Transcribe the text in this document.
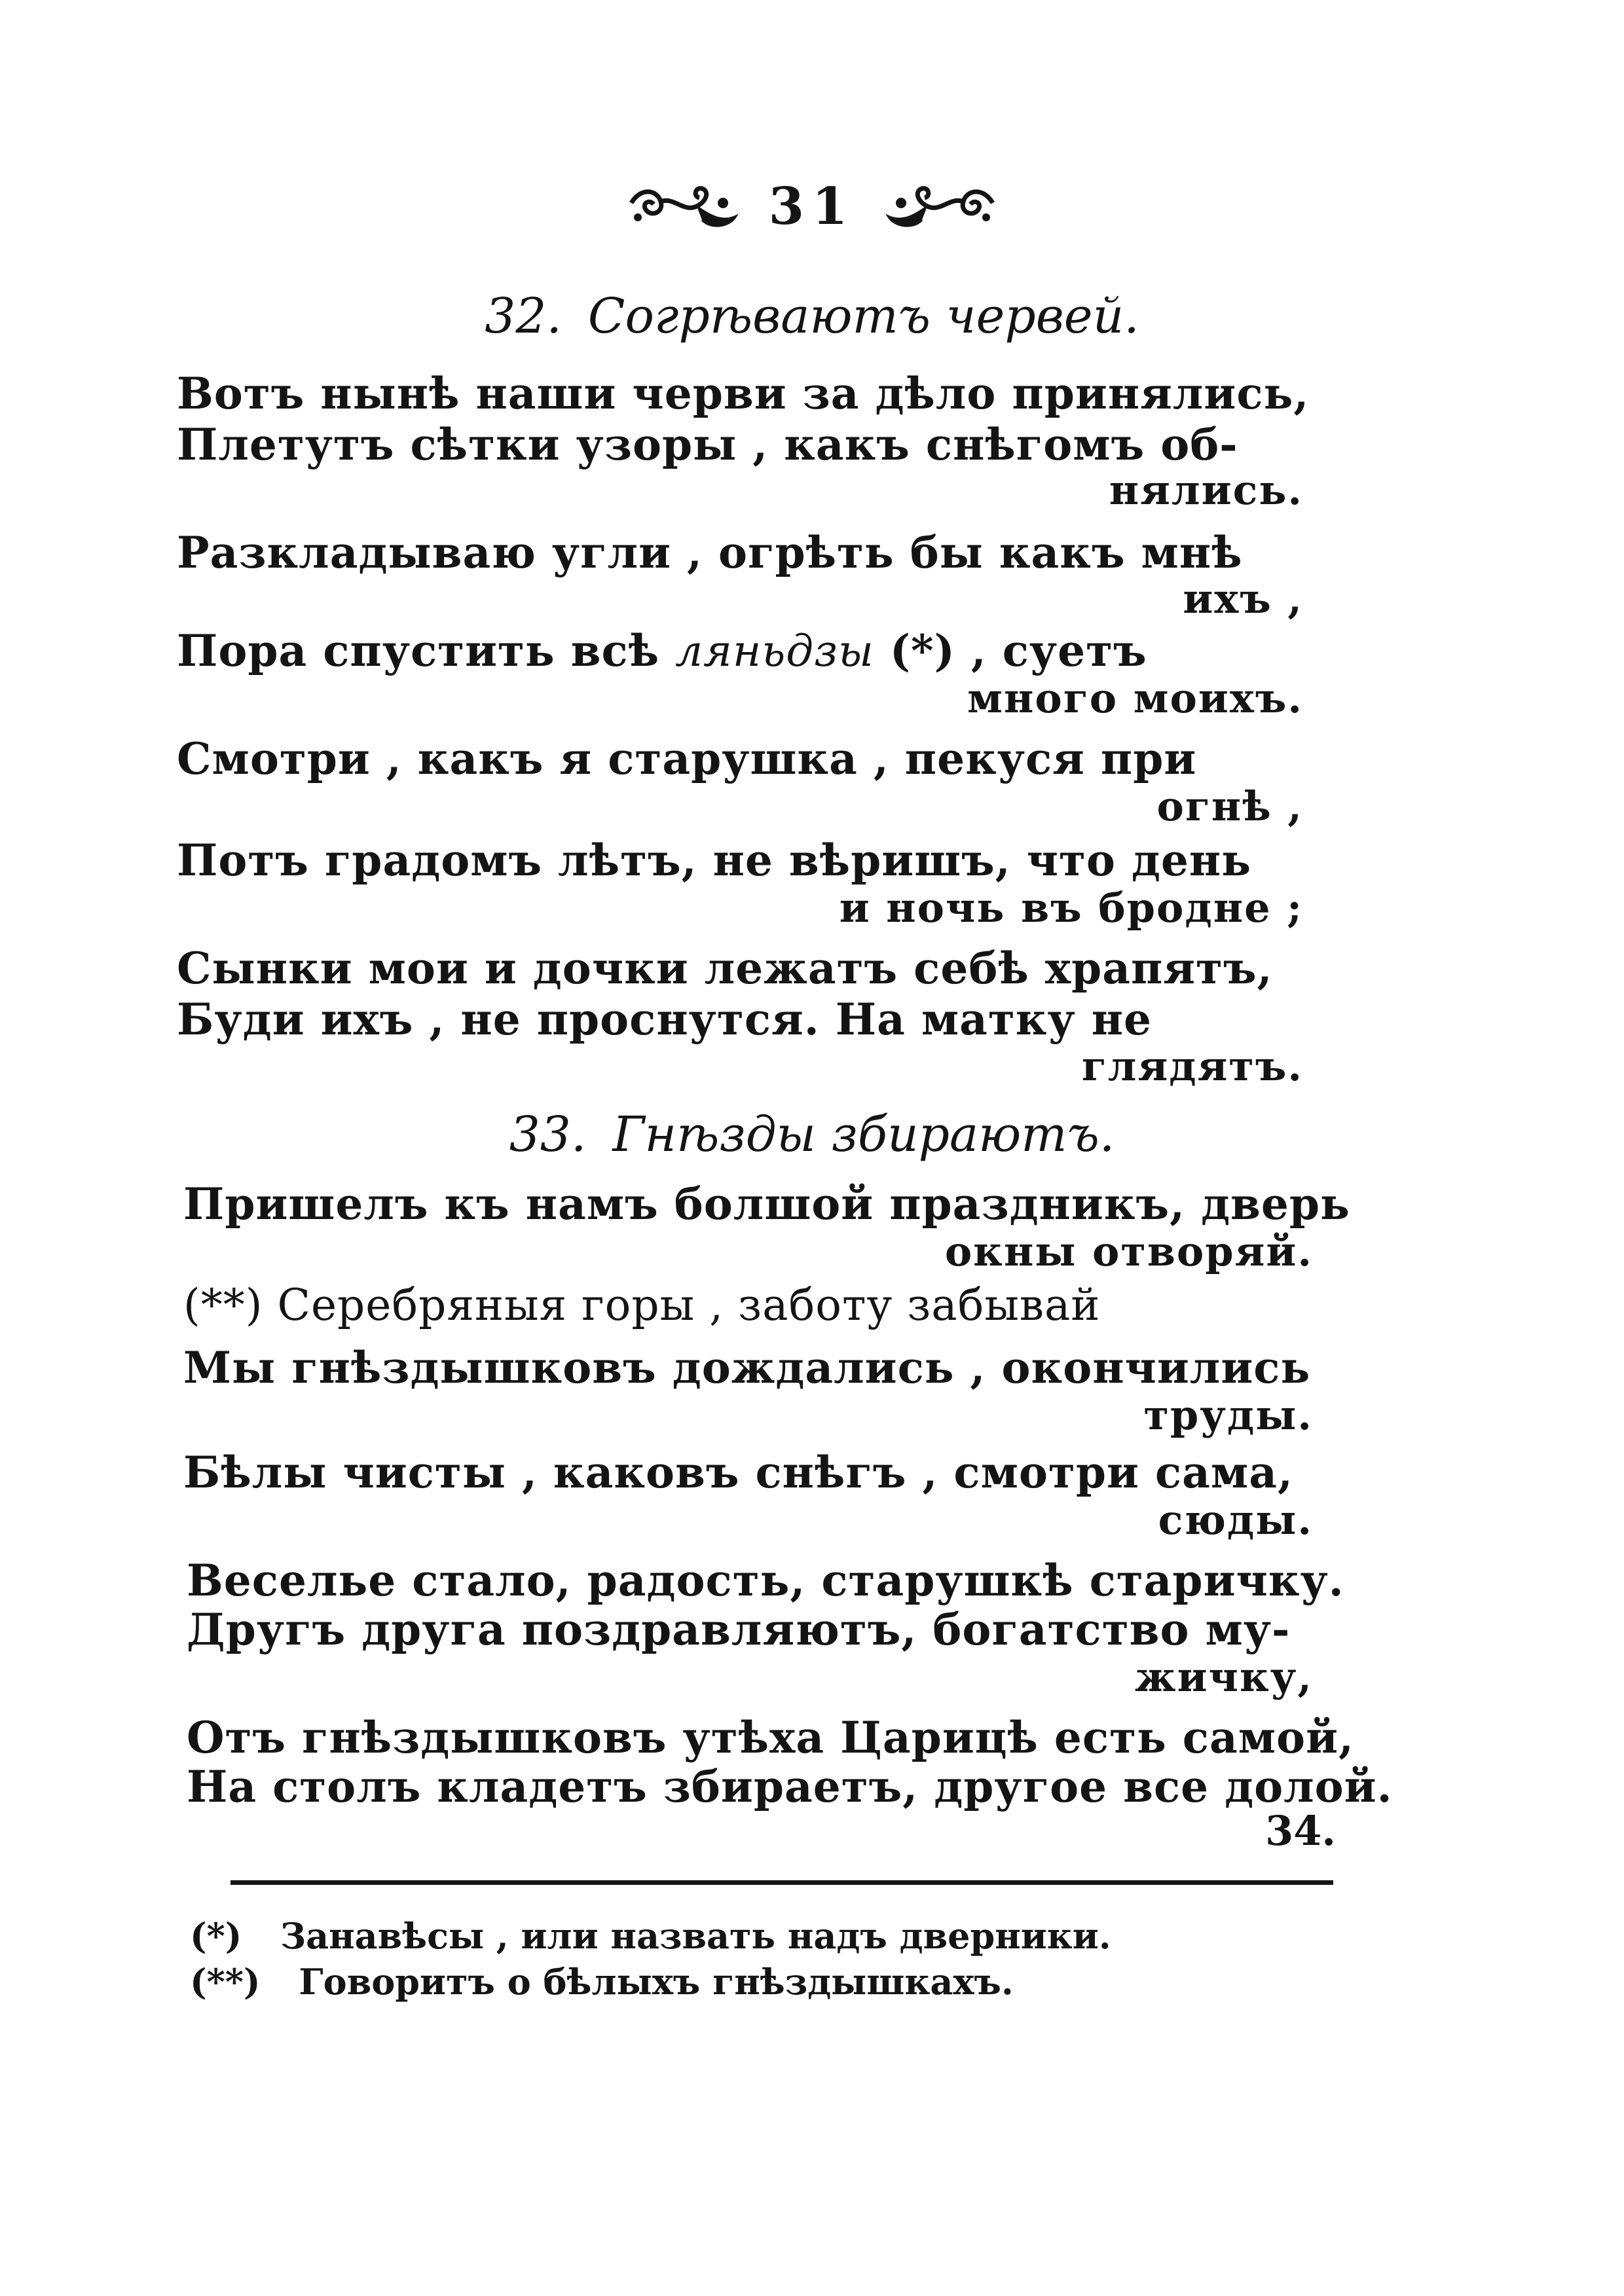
31
32. Согрѣваютъ червей.
Вотъ нынѣ наши черви за дѣло принялись,
Плетутъ сѣтки узоры , какъ снѣгомъ об-
нялись.
Разкладываю угли , огрѣть бы какъ мнѣ
ихъ ,
Пора спустить всѣ ляньдзы (*) , суетъ
много моихъ.
Смотри , какъ я старушка , пекуся при
огнѣ ,
Потъ градомъ лѣтъ, не вѣришъ, что день
и ночь въ бродне ;
Сынки мои и дочки лежатъ себѣ храпятъ,
Буди ихъ , не проснутся. На матку не
глядятъ.
33. Гнѣзды збираютъ.
Пришелъ къ намъ болшой праздникъ, дверь
окны отворяй.
(**) Серебряныя горы , заботу забывай
Мы гнѣздышковъ дождались , окончились
труды.
Бѣлы чисты , каковъ снѣгъ , смотри сама,
сюды.
Веселье стало, радость, старушкѣ старичку.
Другъ друга поздравляютъ, богатство му-
жичку,
Отъ гнѣздышковъ утѣха Царицѣ есть самой,
На столъ кладетъ збираетъ, другое все долой.
34.
(*) Занавѣсы , или назвать надъ дверники.
(**) Говоритъ о бѣлыхъ гнѣздышкахъ.
